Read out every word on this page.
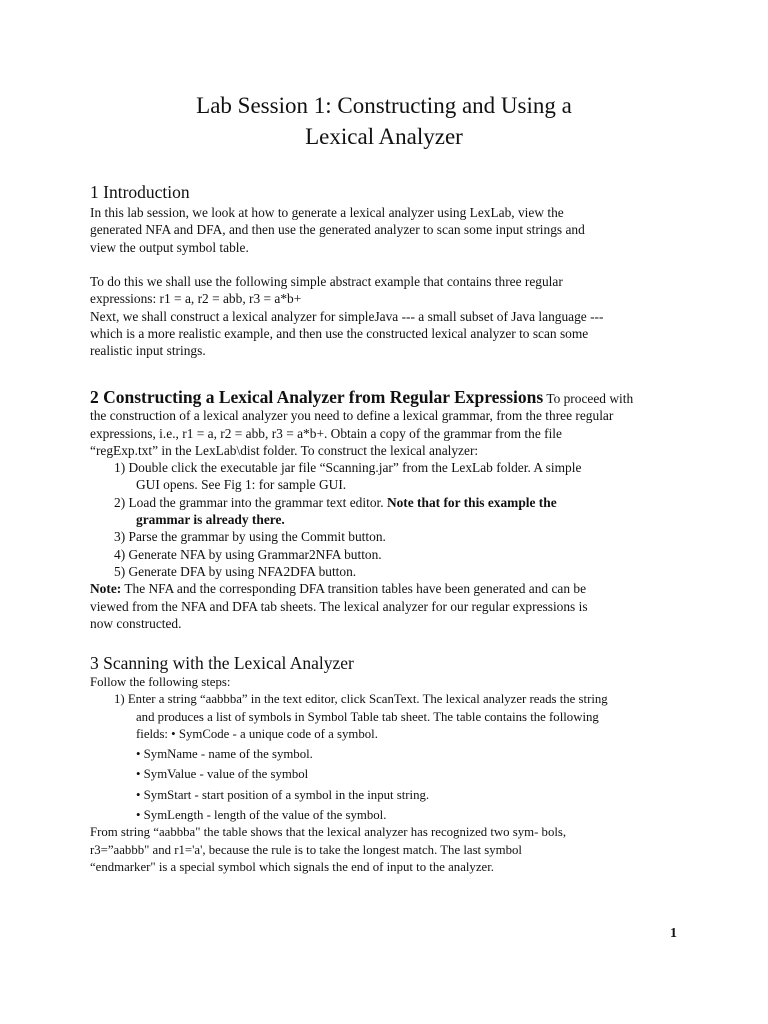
Lab Session 1: Constructing and Using a
Lexical Analyzer
1 Introduction
In this lab session, we look at how to generate a lexical analyzer using LexLab, view the
generated NFA and DFA, and then use the generated analyzer to scan some input strings and
view the output symbol table.
To do this we shall use the following simple abstract example that contains three regular
expressions: r1 = a, r2 = abb, r3 = a*b+
Next, we shall construct a lexical analyzer for simpleJava --- a small subset of Java language ---
which is a more realistic example, and then use the constructed lexical analyzer to scan some
realistic input strings.
2 Constructing a Lexical Analyzer from Regular Expressions To proceed with
the construction of a lexical analyzer you need to define a lexical grammar, from the three regular
expressions, i.e., r1 = a, r2 = abb, r3 = a*b+. Obtain a copy of the grammar from the file
“regExp.txt” in the LexLab\dist folder. To construct the lexical analyzer:
1) Double click the executable jar file “Scanning.jar” from the LexLab folder. A simple
GUI opens. See Fig 1: for sample GUI.
2) Load the grammar into the grammar text editor. Note that for this example the
grammar is already there.
3) Parse the grammar by using the Commit button.
4) Generate NFA by using Grammar2NFA button.
5) Generate DFA by using NFA2DFA button.
Note: The NFA and the corresponding DFA transition tables have been generated and can be
viewed from the NFA and DFA tab sheets. The lexical analyzer for our regular expressions is
now constructed.
3 Scanning with the Lexical Analyzer
Follow the following steps:
1) Enter a string “aabbba” in the text editor, click ScanText. The lexical analyzer reads the string
and produces a list of symbols in Symbol Table tab sheet. The table contains the following
fields: • SymCode - a unique code of a symbol.
• SymName - name of the symbol.
• SymValue - value of the symbol
• SymStart - start position of a symbol in the input string.
• SymLength - length of the value of the symbol.
From string “aabbba" the table shows that the lexical analyzer has recognized two sym- bols,
r3=”aabbb" and r1='a', because the rule is to take the longest match. The last symbol
“endmarker" is a special symbol which signals the end of input to the analyzer.
1
